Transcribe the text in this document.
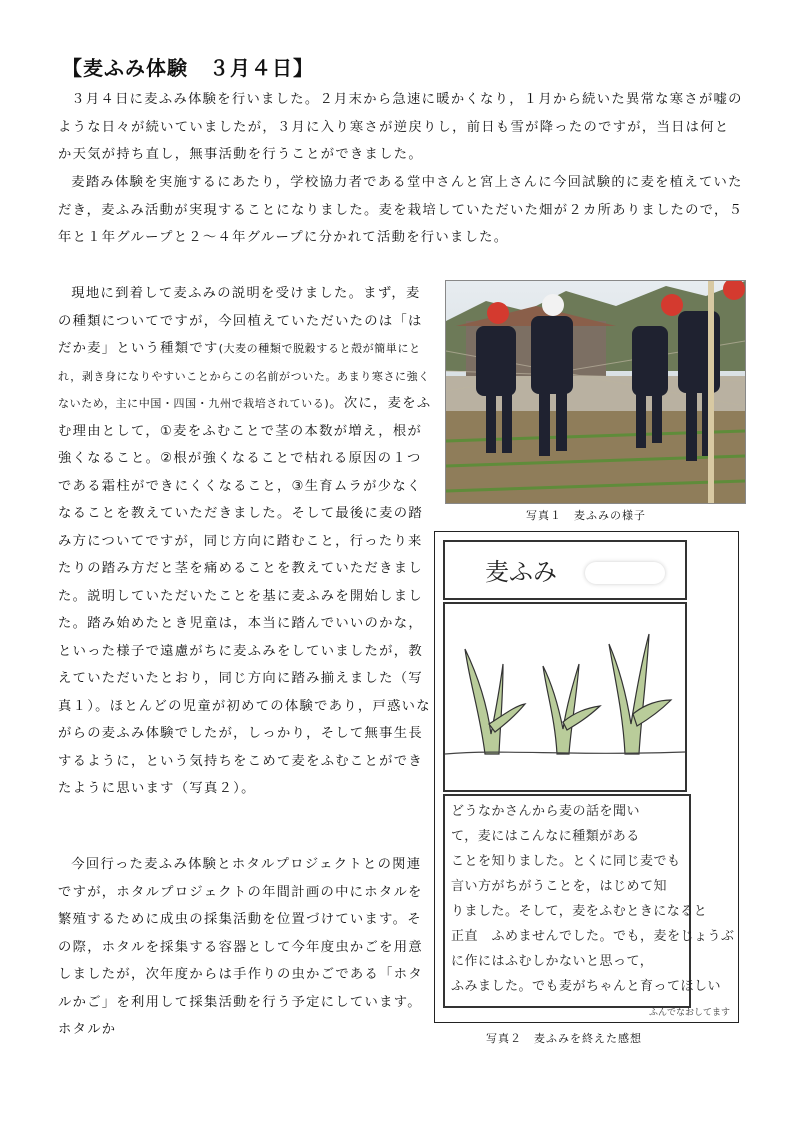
【麦ふみ体験　３月４日】

３月４日に麦ふみ体験を行いました。２月末から急速に暖かくなり，１月から続いた異常な寒さが嘘のような日々が続いていましたが，３月に入り寒さが逆戻りし，前日も雪が降ったのですが，当日は何とか天気が持ち直し，無事活動を行うことができました。

麦踏み体験を実施するにあたり，学校協力者である堂中さんと宮上さんに今回試験的に麦を植えていただき，麦ふみ活動が実現することになりました。麦を栽培していただいた畑が２カ所ありましたので，５年と１年グループと２～４年グループに分かれて活動を行いました。

現地に到着して麦ふみの説明を受けました。まず，麦の種類についてですが，今回植えていただいたのは「はだか麦」という種類です(大麦の種類で脱穀すると殻が簡単にとれ，剥き身になりやすいことからこの名前がついた。あまり寒さに強くないため，主に中国・四国・九州で栽培されている)。次に，麦をふむ理由として，①麦をふむことで茎の本数が増え，根が強くなること。②根が強くなることで枯れる原因の１つである霜柱ができにくくなること，③生育ムラが少なくなることを教えていただきました。そして最後に麦の踏み方についてですが，同じ方向に踏むこと，行ったり来たりの踏み方だと茎を痛めることを教えていただきました。説明していただいたことを基に麦ふみを開始しました。踏み始めたとき児童は，本当に踏んでいいのかな，といった様子で遠慮がちに麦ふみをしていましたが，教えていただいたとおり，同じ方向に踏み揃えました（写真１）。ほとんどの児童が初めての体験であり，戸惑いながらの麦ふみ体験でしたが，しっかり，そして無事生長するように，という気持ちをこめて麦をふむことができたように思います（写真２）。

今回行った麦ふみ体験とホタルプロジェクトとの関連ですが，ホタルプロジェクトの年間計画の中にホタルを繁殖するために成虫の採集活動を位置づけています。その際，ホタルを採集する容器として今年度虫かごを用意しましたが，次年度からは手作りの虫かごである「ホタルかご」を利用して採集活動を行う予定にしています。ホタルか

写真１　麦ふみの様子
麦ふみ
どうなかさんから麦の話を聞い
て，麦にはこんなに種類がある
ことを知りました。とくに同じ麦でも
言い方がちがうことを，はじめて知
りました。そして，麦をふむときになると
正直　ふめませんでした。でも，麦をじょうぶ
に作にはふむしかないと思って，
ふみました。でも麦がちゃんと育ってほしい
ふんでなおしてます
写真２　麦ふみを終えた感想
